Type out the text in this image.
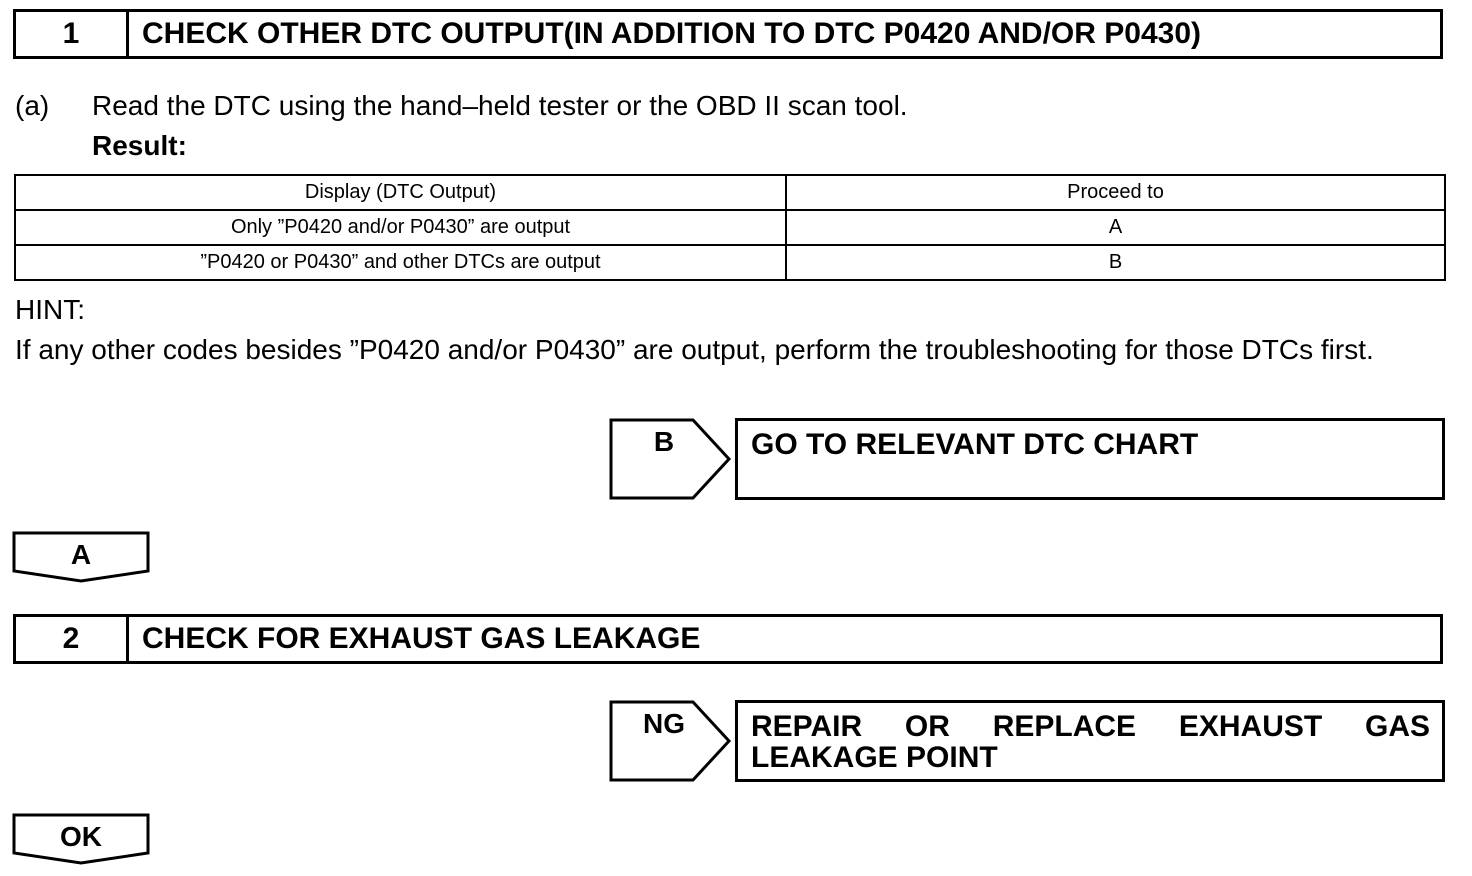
1	CHECK OTHER DTC OUTPUT(IN ADDITION TO DTC P0420 AND/OR P0430)
(a) Read the DTC using the hand–held tester or the OBD II scan tool.
Result:
Display (DTC Output)	Proceed to
Only ”P0420 and/or P0430” are output	A
”P0420 or P0430” and other DTCs are output	B
HINT:
If any other codes besides ”P0420 and/or P0430” are output, perform the troubleshooting for those DTCs first.
B	GO TO RELEVANT DTC CHART
A
2	CHECK FOR EXHAUST GAS LEAKAGE
NG	REPAIR OR REPLACE EXHAUST GAS LEAKAGE POINT
OK
